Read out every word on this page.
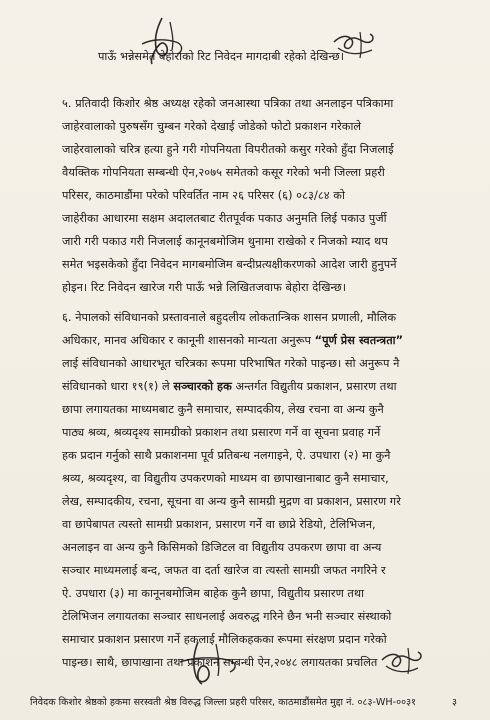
पाऊँ भन्नेसमेत बेहोराको रिट निवेदन मागदाबी रहेको देखिन्छ।
५. प्रतिवादी किशोर श्रेष्ठ अध्यक्ष रहेको जनआस्था पत्रिका तथा अनलाइन पत्रिकामा
जाहेरवालाको पुरुषसँग चुम्बन गरेको देखाई जोडेको फोटो प्रकाशन गरेकाले
जाहेरवालाको चरित्र हत्या हुने गरी गोपनियता विपरीतको कसुर गरेको हुँदा निजलाई
वैयक्तिक गोपनियता सम्बन्धी ऐन,२०७५ समेतको कसूर गरेको भनी जिल्ला प्रहरी
परिसर, काठमाडौंमा परेको परिवर्तित नाम २६ परिसर (६) ०८३/८४ को
जाहेरीका आधारमा सक्षम अदालतबाट रीतपूर्वक पकाउ अनुमति लिई पकाउ पुर्जी
जारी गरी पकाउ गरी निजलाई कानूनबमोजिम थुनामा राखेको र निजको म्याद थप
समेत भइसकेको हुँदा निवेदन मागबमोजिम बन्दीप्रत्यक्षीकरणको आदेश जारी हुनुपर्ने
होइन। रिट निवेदन खारेज गरी पाऊँ भन्ने लिखितजवाफ बेहोरा देखिन्छ।
६. नेपालको संविधानको प्रस्तावनाले बहुदलीय लोकतान्त्रिक शासन प्रणाली, मौलिक
अधिकार, मानव अधिकार र कानूनी शासनको मान्यता अनुरूप “पूर्ण प्रेस स्वतन्त्रता”
लाई संविधानको आधारभूत चरित्रका रूपमा परिभाषित गरेको पाइन्छ। सो अनुरूप नै
संविधानको धारा १९(१) ले सञ्चारको हक अन्तर्गत विद्युतीय प्रकाशन, प्रसारण तथा
छापा लगायतका माध्यमबाट कुनै समाचार, सम्पादकीय, लेख रचना वा अन्य कुनै
पाठ्य श्रव्य, श्रव्यदृश्य सामग्रीको प्रकाशन तथा प्रसारण गर्ने वा सूचना प्रवाह गर्ने
हक प्रदान गर्नुको साथै प्रकाशनमा पूर्व प्रतिबन्ध नलगाइने, ऐ. उपधारा (२) मा कुनै
श्रव्य, श्रव्यदृश्य, वा विद्युतीय उपकरणको माध्यम वा छापाखानाबाट कुनै समाचार,
लेख, सम्पादकीय, रचना, सूचना वा अन्य कुनै सामग्री मुद्रण वा प्रकाशन, प्रसारण गरे
वा छापेबापत त्यस्तो सामग्री प्रकाशन, प्रसारण गर्ने वा छाप्ने रेडियो, टेलिभिजन,
अनलाइन वा अन्य कुनै किसिमको डिजिटल वा विद्युतीय उपकरण छापा वा अन्य
सञ्चार माध्यमलाई बन्द, जफत वा दर्ता खारेज वा त्यस्तो सामग्री जफत नगरिने र
ऐ. उपधारा (३) मा कानूनबमोजिम बाहेक कुनै छापा, विद्युतीय प्रसारण तथा
टेलिभिजन लगायतका सञ्चार साधनलाई अवरुद्ध गरिने छैन भनी सञ्चार संस्थाको
समाचार प्रकाशन प्रसारण गर्ने हकलाई मौलिकहकका रूपमा संरक्षण प्रदान गरेको
पाइन्छ। साथै, छापाखाना तथा प्रकाशन सम्बन्धी ऐन,२०४८ लगायतका प्रचलित
निवेदक किशोर श्रेष्ठको हकमा सरस्वती श्रेष्ठ विरुद्ध जिल्ला प्रहरी परिसर, काठमाडौंसमेत मुद्दा नं. ०८३-WH-००३१	३
